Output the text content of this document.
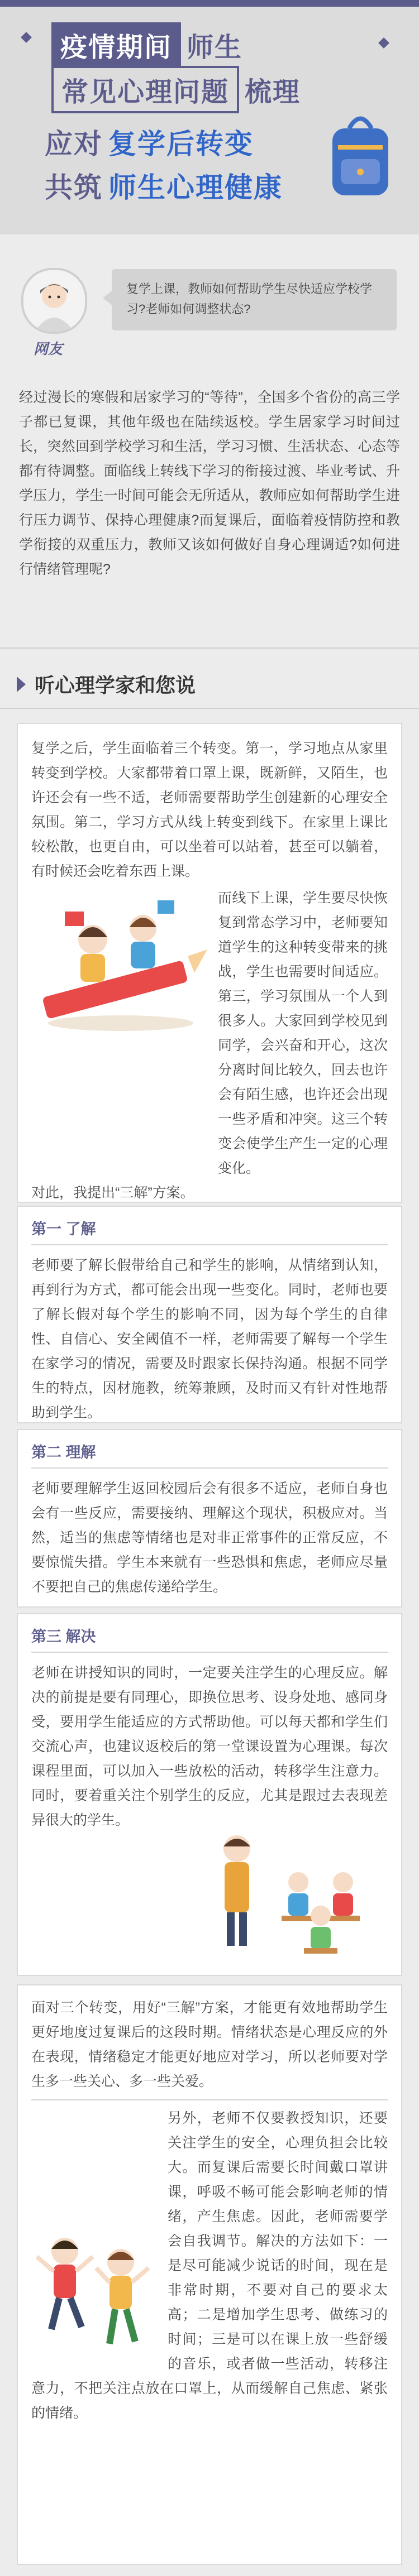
疫情期间 师生
常见心理问题 梳理
应对 复学后转变
共筑 师生心理健康
网友
复学上课，教师如何帮助学生尽快适应学校学习?老师如何调整状态?
经过漫长的寒假和居家学习的“等待”，全国多个省份的高三学子都已复课，其他年级也在陆续返校。学生居家学习时间过长，突然回到学校学习和生活，学习习惯、生活状态、心态等都有待调整。面临线上转线下学习的衔接过渡、毕业考试、升学压力，学生一时间可能会无所适从，教师应如何帮助学生进行压力调节、保持心理健康?而复课后，面临着疫情防控和教学衔接的双重压力，教师又该如何做好自身心理调适?如何进行情绪管理呢?
听心理学家和您说

复学之后，学生面临着三个转变。第一，学习地点从家里转变到学校。大家都带着口罩上课，既新鲜，又陌生，也许还会有一些不适，老师需要帮助学生创建新的心理安全氛围。第二，学习方式从线上转变到线下。在家里上课比较松散，也更自由，可以坐着可以站着，甚至可以躺着，有时候还会吃着东西上课。

而线下上课，学生要尽快恢复到常态学习中，老师要知道学生的这种转变带来的挑战，学生也需要时间适应。第三，学习氛围从一个人到很多人。大家回到学校见到同学，会兴奋和开心，这次分离时间比较久，回去也许会有陌生感，也许还会出现一些矛盾和冲突。这三个转变会使学生产生一定的心理变化。

对此，我提出“三解”方案。

第一 了解

老师要了解长假带给自己和学生的影响，从情绪到认知，再到行为方式，都可能会出现一些变化。同时，老师也要了解长假对每个学生的影响不同，因为每个学生的自律性、自信心、安全阈值不一样，老师需要了解每一个学生在家学习的情况，需要及时跟家长保持沟通。根据不同学生的特点，因材施教，统筹兼顾，及时而又有针对性地帮助到学生。

第二 理解

老师要理解学生返回校园后会有很多不适应，老师自身也会有一些反应，需要接纳、理解这个现状，积极应对。当然，适当的焦虑等情绪也是对非正常事件的正常反应，不要惊慌失措。学生本来就有一些恐惧和焦虑，老师应尽量不要把自己的焦虑传递给学生。

第三 解决

老师在讲授知识的同时，一定要关注学生的心理反应。解决的前提是要有同理心，即换位思考、设身处地、感同身受，要用学生能适应的方式帮助他。可以每天都和学生们交流心声，也建议返校后的第一堂课设置为心理课。每次课程里面，可以加入一些放松的活动，转移学生注意力。同时，要着重关注个别学生的反应，尤其是跟过去表现差异很大的学生。

面对三个转变，用好“三解”方案，才能更有效地帮助学生更好地度过复课后的这段时期。情绪状态是心理反应的外在表现，情绪稳定才能更好地应对学习，所以老师要对学生多一些关心、多一些关爱。

另外，老师不仅要教授知识，还要关注学生的安全，心理负担会比较大。而复课后需要长时间戴口罩讲课，呼吸不畅可能会影响老师的情绪，产生焦虑。因此，老师需要学会自我调节。解决的方法如下：一是尽可能减少说话的时间，现在是非常时期，不要对自己的要求太高；二是增加学生思考、做练习的时间；三是可以在课上放一些舒缓的音乐，或者做一些活动，转移注意力，不把关注点放在口罩上，从而缓解自己焦虑、紧张的情绪。
